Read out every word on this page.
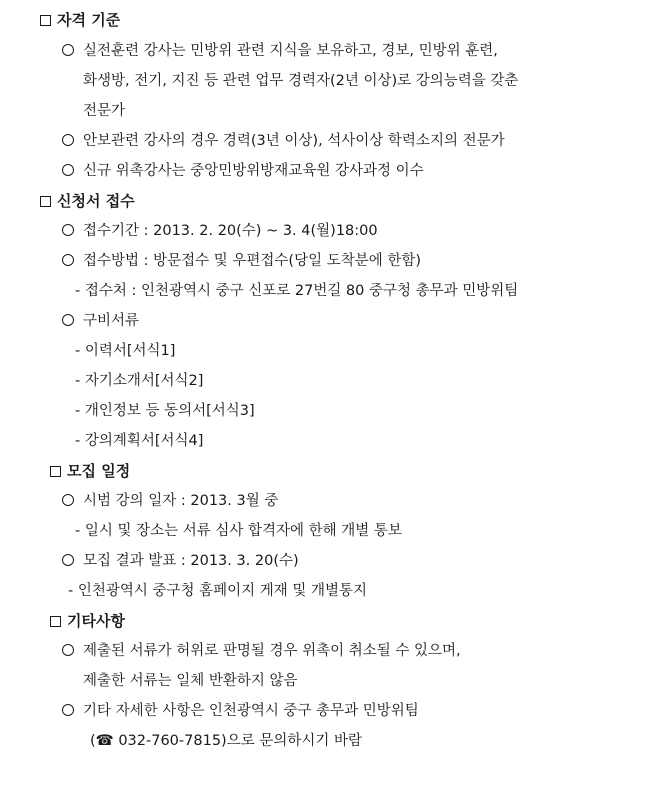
자격 기준
실전훈련 강사는 민방위 관련 지식을 보유하고, 경보, 민방위 훈련,
화생방, 전기, 지진 등 관련 업무 경력자(2년 이상)로 강의능력을 갖춘
전문가
안보관련 강사의 경우 경력(3년 이상), 석사이상 학력소지의 전문가
신규 위촉강사는 중앙민방위방재교육원 강사과정 이수
신청서 접수
접수기간 : 2013. 2. 20(수) ~ 3. 4(월)18:00
접수방법 : 방문접수 및 우편접수(당일 도착분에 한함)
- 접수처 : 인천광역시 중구 신포로 27번길 80 중구청 총무과 민방위팀
구비서류
- 이력서[서식1]
- 자기소개서[서식2]
- 개인정보 등 동의서[서식3]
- 강의계획서[서식4]
모집 일정
시범 강의 일자 : 2013. 3월 중
- 일시 및 장소는 서류 심사 합격자에 한해 개별 통보
모집 결과 발표 : 2013. 3. 20(수)
- 인천광역시 중구청 홈페이지 게재 및 개별통지
기타사항
제출된 서류가 허위로 판명될 경우 위촉이 취소될 수 있으며,
제출한 서류는 일체 반환하지 않음
기타 자세한 사항은 인천광역시 중구 총무과 민방위팀
(☎ 032-760-7815)으로 문의하시기 바람
